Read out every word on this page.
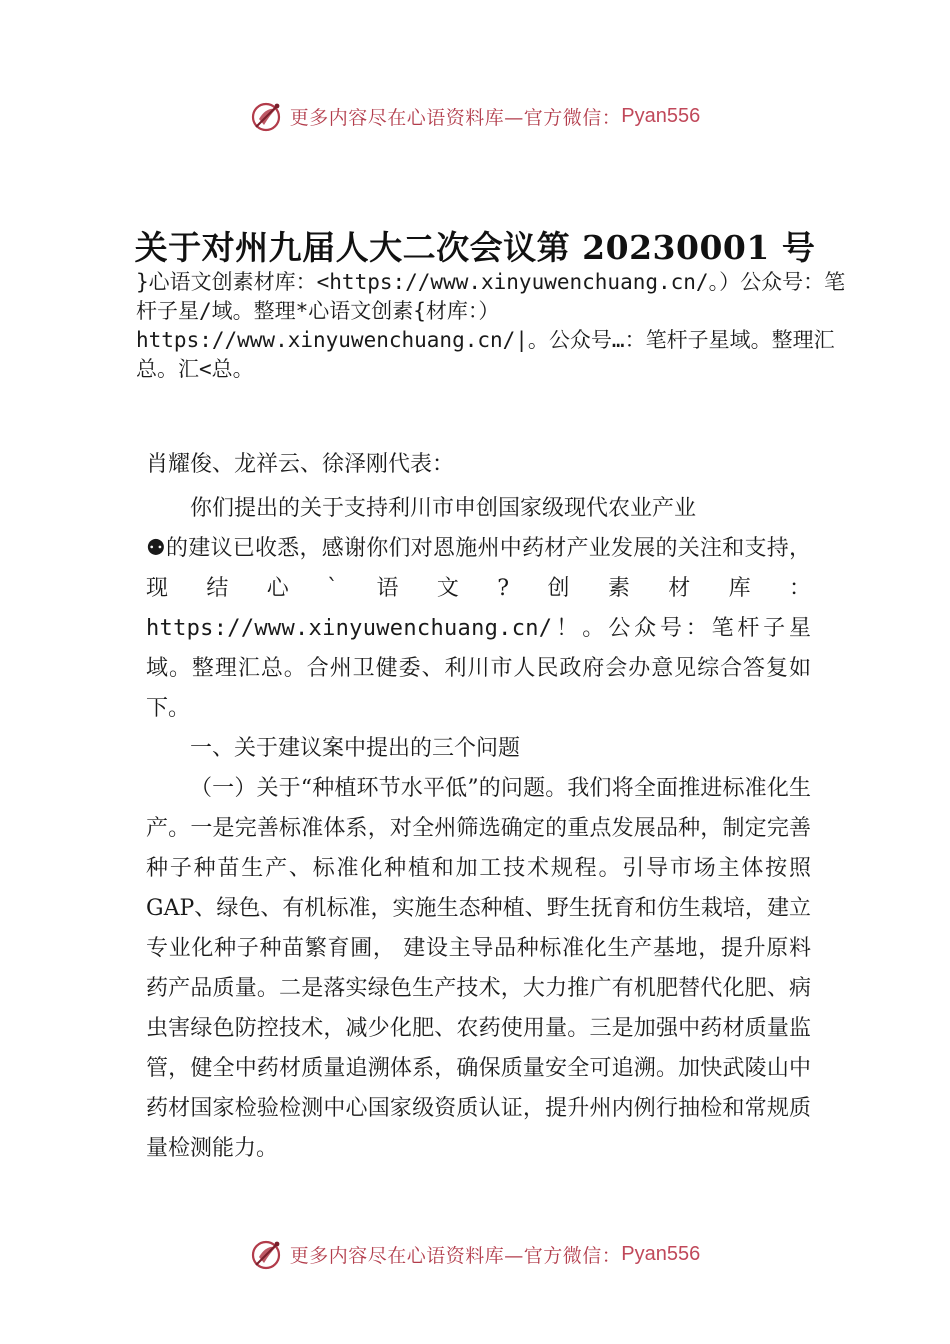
更多内容尽在心语资料库—官方微信： Pyan556
关于对州九届人大二次会议第 20230001 号
}心语文创素材库：<https://www.xinyuwenchuang.cn/。）公众号：笔杆子星/域。整理*心语文创素{材库：）https://www.xinyuwenchuang.cn/|。公众号…：笔杆子星域。整理汇总。汇<总。
肖耀俊、龙祥云、徐泽刚代表：

你们提出的关于支持利川市申创国家级现代农业产业

⚉的建议已收悉，感谢你们对恩施州中药材产业发展的关注和支持，现结心`语文?创素材库：https://www.xinyuwenchuang.cn/！。公众号：笔杆子星域。整理汇总。合州卫健委、利川市人民政府会办意见综合答复如下。

一、关于建议案中提出的三个问题

（一）关于“种植环节水平低”的问题。我们将全面推进标准化生产。一是完善标准体系，对全州筛选确定的重点发展品种，制定完善种子种苗生产、标准化种植和加工技术规程。引导市场主体按照 GAP、绿色、有机标准，实施生态种植、野生抚育和仿生栽培，建立专业化种子种苗繁育圃， 建设主导品种标准化生产基地，提升原料药产品质量。二是落实绿色生产技术，大力推广有机肥替代化肥、病虫害绿色防控技术，减少化肥、农药使用量。三是加强中药材质量监管，健全中药材质量追溯体系，确保质量安全可追溯。加快武陵山中药材国家检验检测中心国家级资质认证，提升州内例行抽检和常规质量检测能力。

更多内容尽在心语资料库—官方微信： Pyan556
